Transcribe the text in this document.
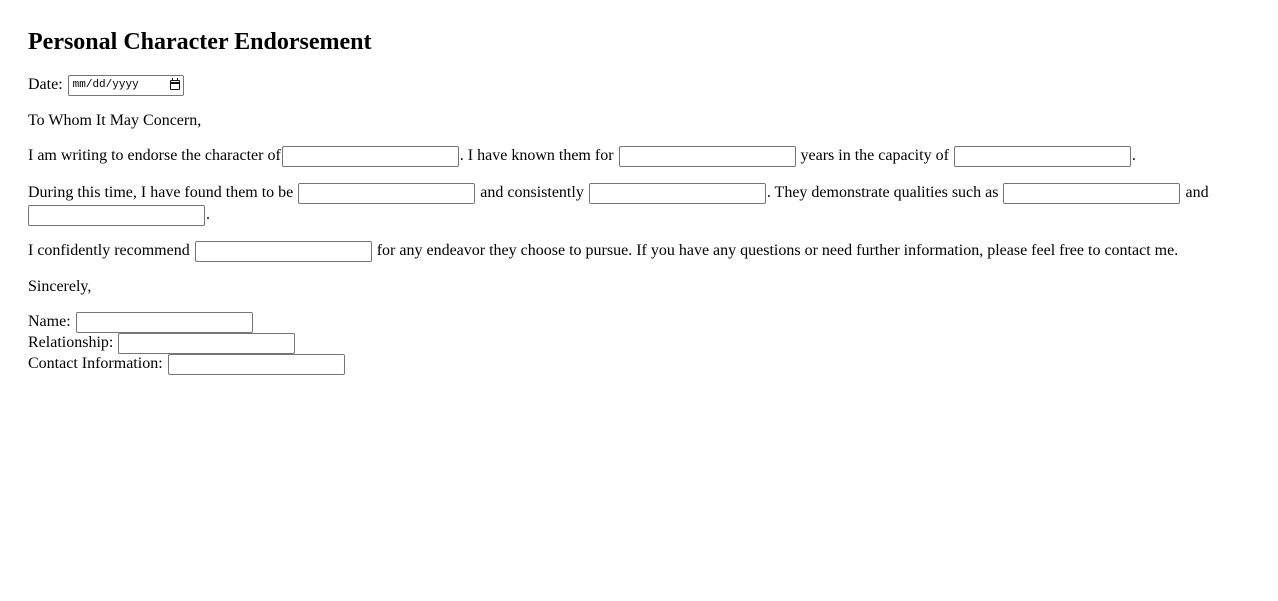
Personal Character Endorsement
Date: mm/dd/yyyy
To Whom It May Concern,
I am writing to endorse the character of	. I have known them for	years in the capacity of	.
During this time, I have found them to be	and consistently	. They demonstrate qualities such as	and
.
I confidently recommend	for any endeavor they choose to pursue. If you have any questions or need further information, please feel free to contact me.
Sincerely,
Name:
Relationship:
Contact Information:
